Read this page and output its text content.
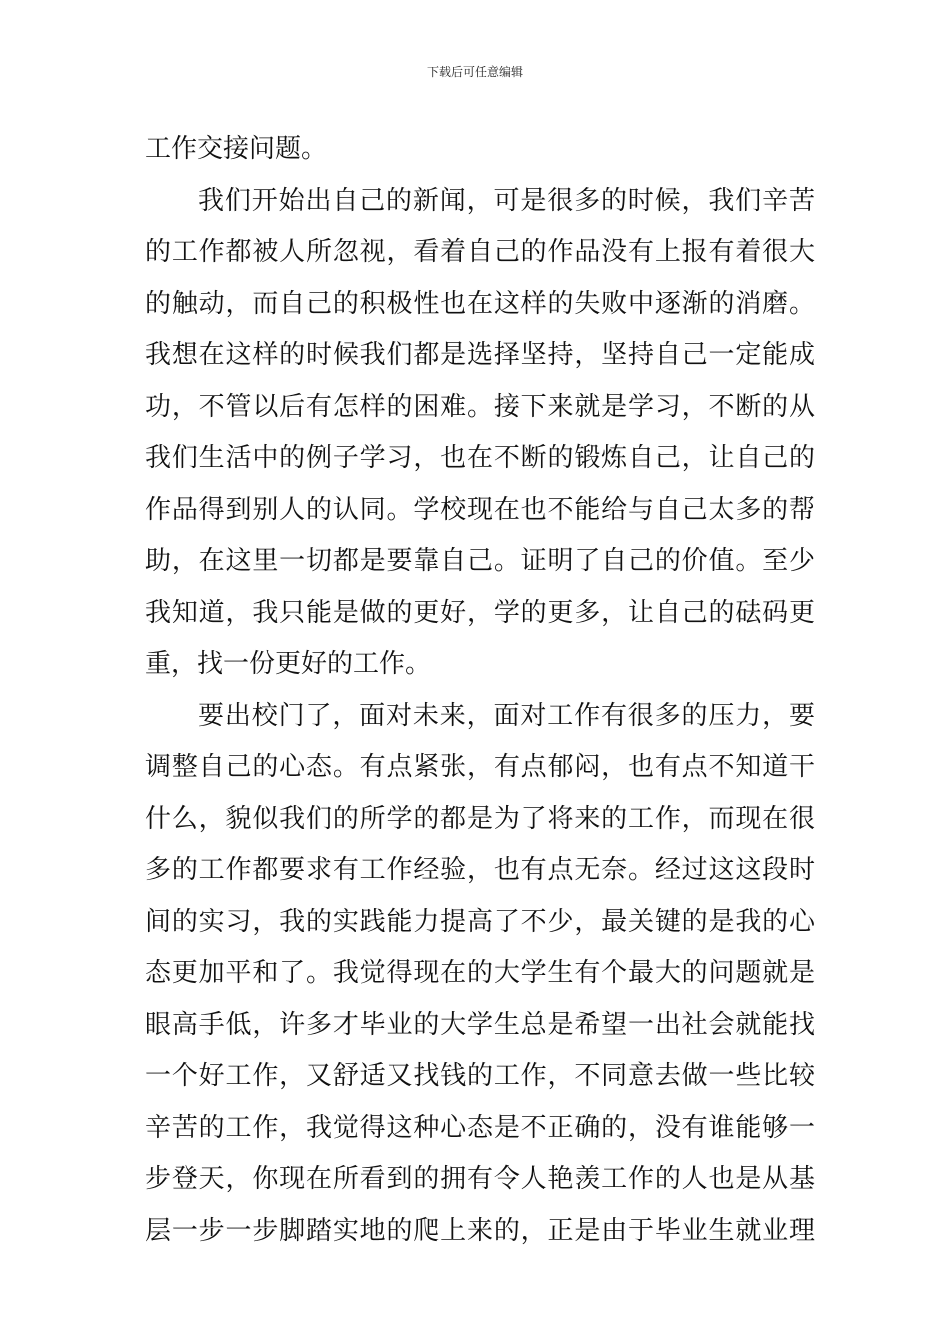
下载后可任意编辑
工作交接问题。
我们开始出自己的新闻，可是很多的时候，我们辛苦
的工作都被人所忽视，看着自己的作品没有上报有着很大
的触动，而自己的积极性也在这样的失败中逐渐的消磨。
我想在这样的时候我们都是选择坚持，坚持自己一定能成
功，不管以后有怎样的困难。接下来就是学习，不断的从
我们生活中的例子学习，也在不断的锻炼自己，让自己的
作品得到别人的认同。学校现在也不能给与自己太多的帮
助，在这里一切都是要靠自己。证明了自己的价值。至少
我知道，我只能是做的更好，学的更多，让自己的砝码更
重，找一份更好的工作。
要出校门了，面对未来，面对工作有很多的压力，要
调整自己的心态。有点紧张，有点郁闷，也有点不知道干
什么，貌似我们的所学的都是为了将来的工作，而现在很
多的工作都要求有工作经验，也有点无奈。经过这这段时
间的实习，我的实践能力提高了不少，最关键的是我的心
态更加平和了。我觉得现在的大学生有个最大的问题就是
眼高手低，许多才毕业的大学生总是希望一出社会就能找
一个好工作，又舒适又找钱的工作，不同意去做一些比较
辛苦的工作，我觉得这种心态是不正确的，没有谁能够一
步登天，你现在所看到的拥有令人艳羡工作的人也是从基
层一步一步脚踏实地的爬上来的，正是由于毕业生就业理
